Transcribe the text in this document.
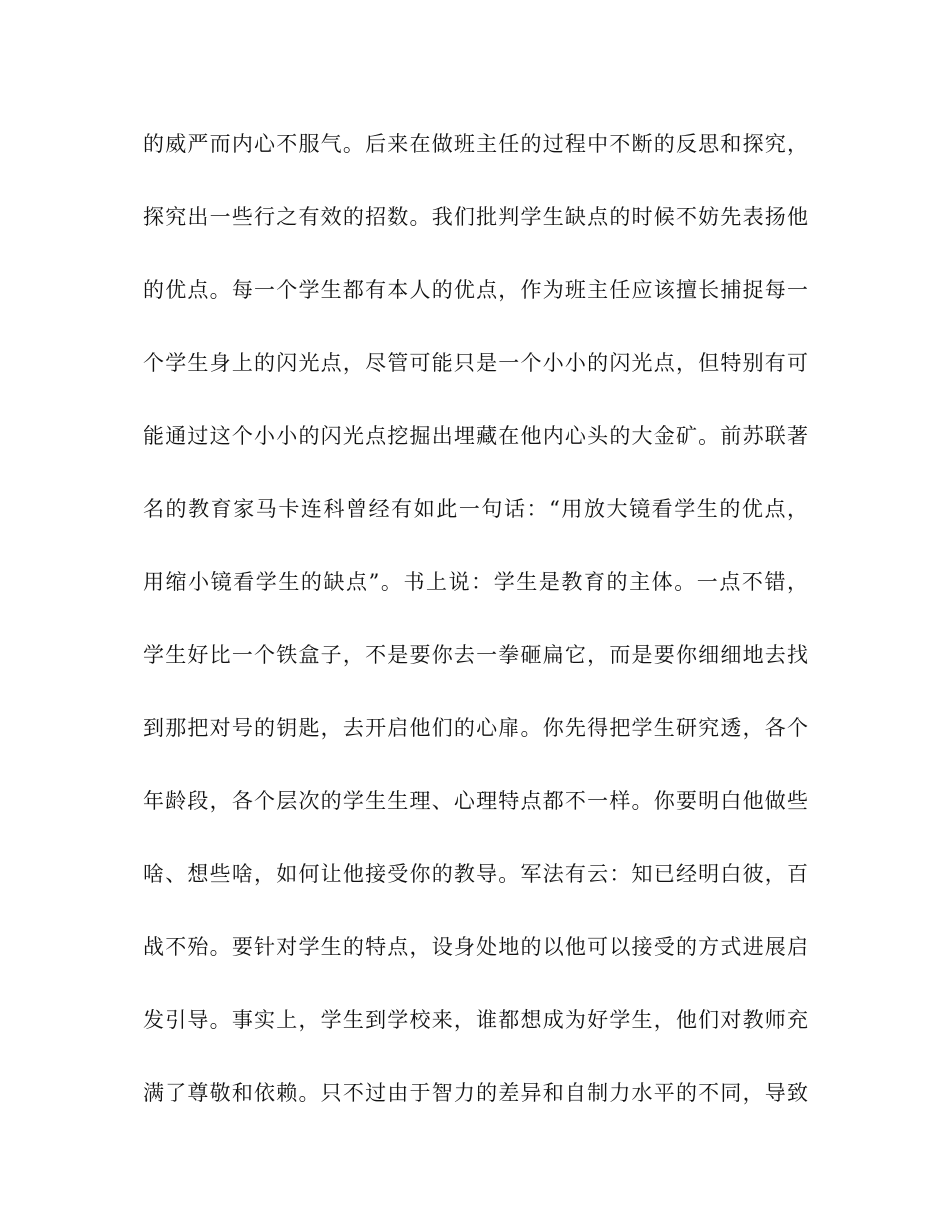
的威严而内心不服气。后来在做班主任的过程中不断的反思和探究，
探究出一些行之有效的招数。我们批判学生缺点的时候不妨先表扬他
的优点。每一个学生都有本人的优点，作为班主任应该擅长捕捉每一
个学生身上的闪光点，尽管可能只是一个小小的闪光点，但特别有可
能通过这个小小的闪光点挖掘出埋藏在他内心头的大金矿。前苏联著
名的教育家马卡连科曾经有如此一句话：“用放大镜看学生的优点，
用缩小镜看学生的缺点”。书上说：学生是教育的主体。一点不错，
学生好比一个铁盒子，不是要你去一拳砸扁它，而是要你细细地去找
到那把对号的钥匙，去开启他们的心扉。你先得把学生研究透，各个
年龄段，各个层次的学生生理、心理特点都不一样。你要明白他做些
啥、想些啥，如何让他接受你的教导。军法有云：知已经明白彼，百
战不殆。要针对学生的特点，设身处地的以他可以接受的方式进展启
发引导。事实上，学生到学校来，谁都想成为好学生，他们对教师充
满了尊敬和依赖。只不过由于智力的差异和自制力水平的不同，导致
